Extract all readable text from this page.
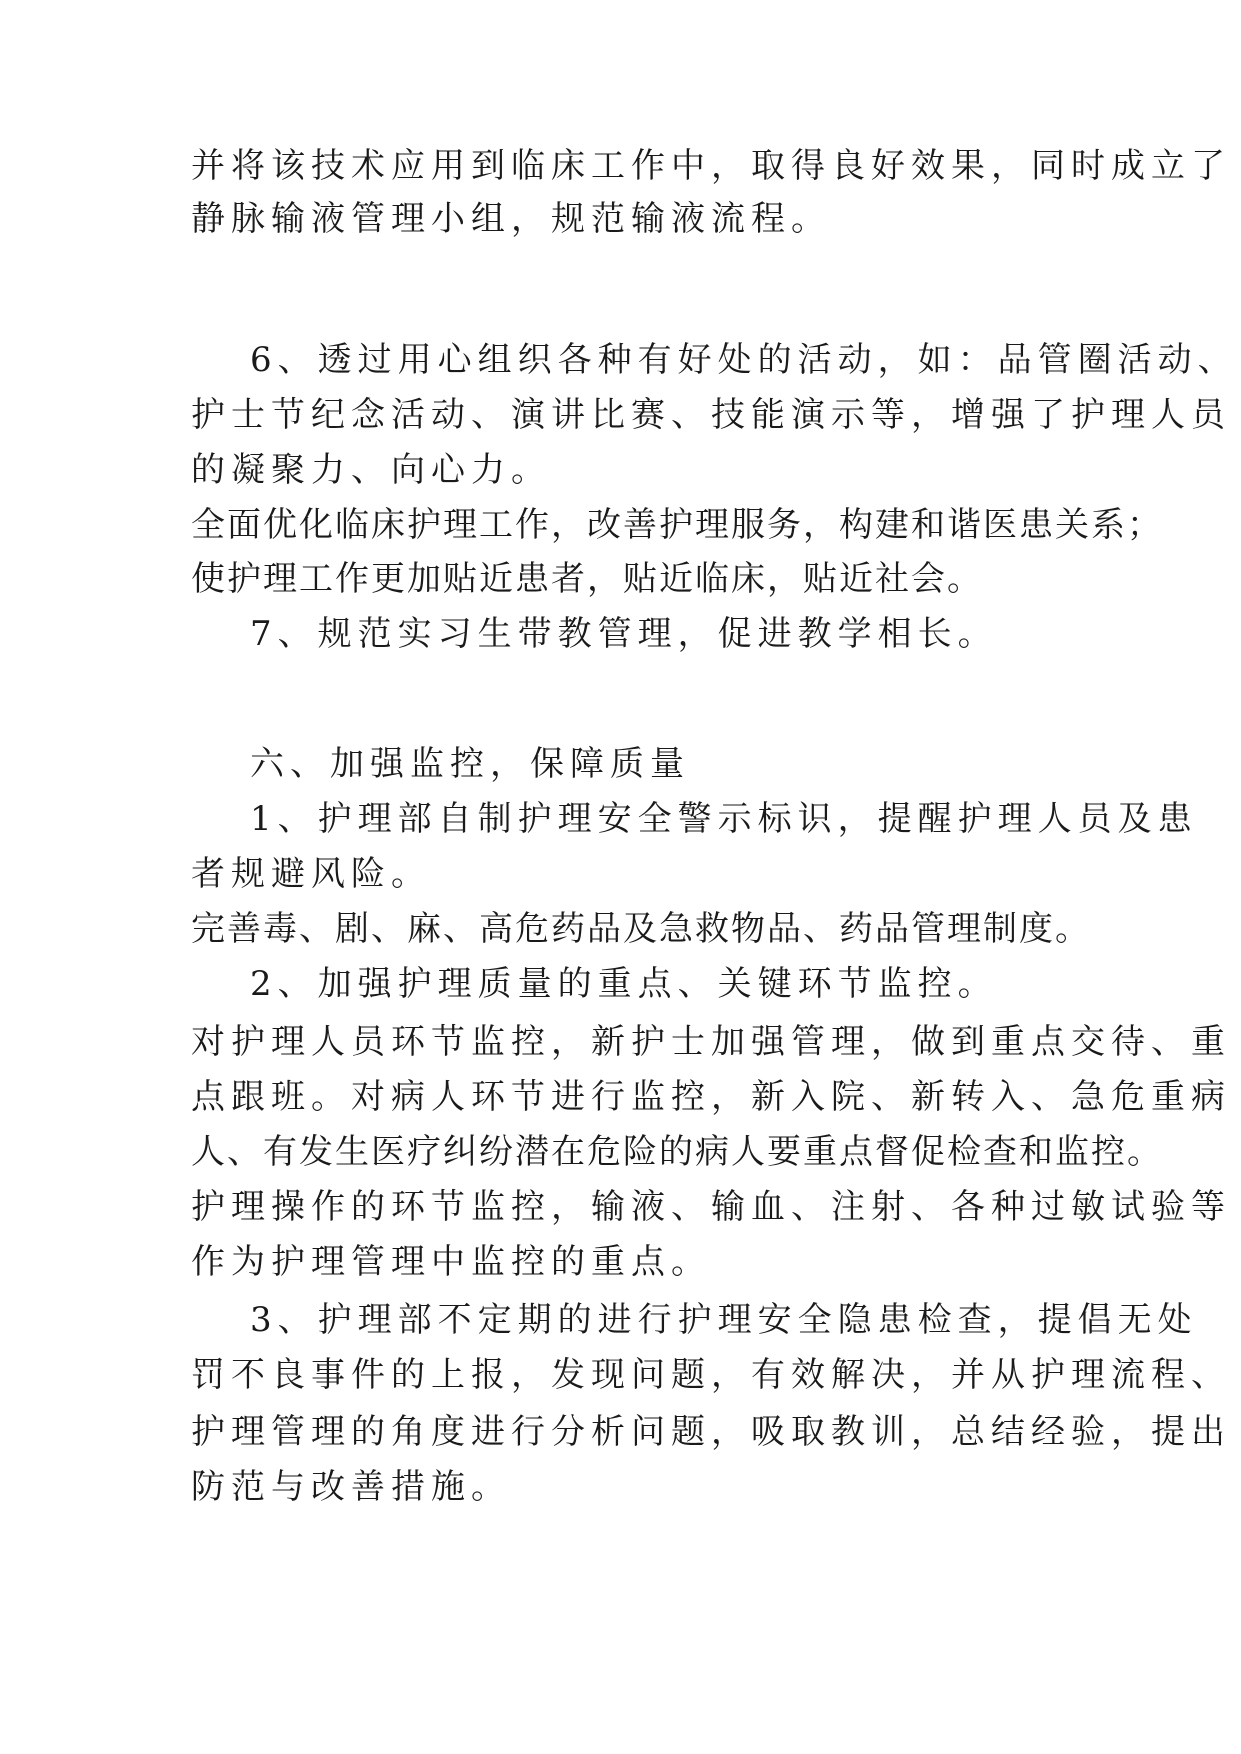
并将该技术应用到临床工作中，取得良好效果，同时成立了
静脉输液管理小组，规范输液流程。
6、透过用心组织各种有好处的活动，如：品管圈活动、
护士节纪念活动、演讲比赛、技能演示等，增强了护理人员
的凝聚力、向心力。
全面优化临床护理工作，改善护理服务，构建和谐医患关系；
使护理工作更加贴近患者，贴近临床，贴近社会。
7、规范实习生带教管理，促进教学相长。
六、加强监控，保障质量
1、护理部自制护理安全警示标识，提醒护理人员及患
者规避风险。
完善毒、剧、麻、高危药品及急救物品、药品管理制度。
2、加强护理质量的重点、关键环节监控。
对护理人员环节监控，新护士加强管理，做到重点交待、重
点跟班。对病人环节进行监控，新入院、新转入、急危重病
人、有发生医疗纠纷潜在危险的病人要重点督促检查和监控。
护理操作的环节监控，输液、输血、注射、各种过敏试验等
作为护理管理中监控的重点。
3、护理部不定期的进行护理安全隐患检查，提倡无处
罚不良事件的上报，发现问题，有效解决，并从护理流程、
护理管理的角度进行分析问题，吸取教训，总结经验，提出
防范与改善措施。
